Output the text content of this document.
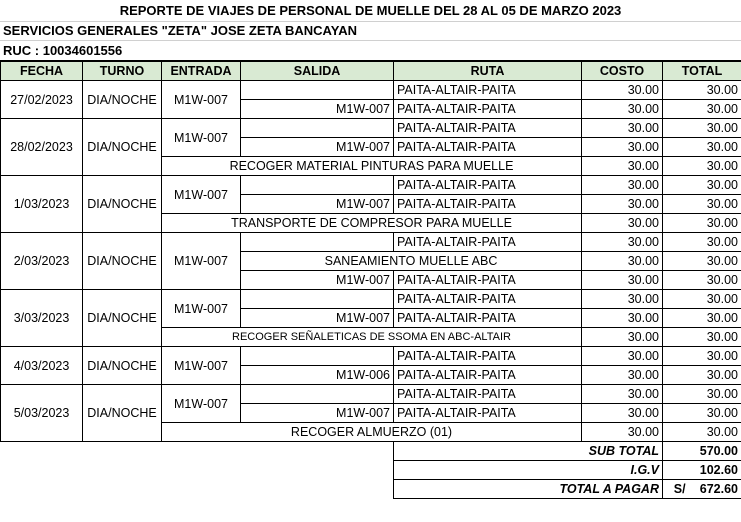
REPORTE DE VIAJES DE PERSONAL DE MUELLE DEL 28 AL 05 DE MARZO 2023
SERVICIOS GENERALES "ZETA" JOSE ZETA BANCAYAN
RUC : 10034601556
FECHA	TURNO	ENTRADA	SALIDA	RUTA	COSTO	TOTAL
27/02/2023	DIA/NOCHE	M1W-007		PAITA-ALTAIR-PAITA	30.00	30.00
			M1W-007	PAITA-ALTAIR-PAITA	30.00	30.00
28/02/2023	DIA/NOCHE	M1W-007		PAITA-ALTAIR-PAITA	30.00	30.00
			M1W-007	PAITA-ALTAIR-PAITA	30.00	30.00
		RECOGER MATERIAL PINTURAS PARA MUELLE			30.00	30.00
1/03/2023	DIA/NOCHE	M1W-007		PAITA-ALTAIR-PAITA	30.00	30.00
			M1W-007	PAITA-ALTAIR-PAITA	30.00	30.00
		TRANSPORTE DE COMPRESOR PARA MUELLE			30.00	30.00
2/03/2023	DIA/NOCHE	M1W-007		PAITA-ALTAIR-PAITA	30.00	30.00
			SANEAMIENTO MUELLE ABC		30.00	30.00
			M1W-007	PAITA-ALTAIR-PAITA	30.00	30.00
3/03/2023	DIA/NOCHE	M1W-007		PAITA-ALTAIR-PAITA	30.00	30.00
			M1W-007	PAITA-ALTAIR-PAITA	30.00	30.00
		RECOGER SEÑALETICAS DE SSOMA EN ABC-ALTAIR			30.00	30.00
4/03/2023	DIA/NOCHE	M1W-007		PAITA-ALTAIR-PAITA	30.00	30.00
			M1W-006	PAITA-ALTAIR-PAITA	30.00	30.00
5/03/2023	DIA/NOCHE	M1W-007		PAITA-ALTAIR-PAITA	30.00	30.00
			M1W-007	PAITA-ALTAIR-PAITA	30.00	30.00
		RECOGER ALMUERZO (01)			30.00	30.00
				SUB TOTAL		570.00
				I.G.V		102.60
				TOTAL A PAGAR		S/ 672.60
